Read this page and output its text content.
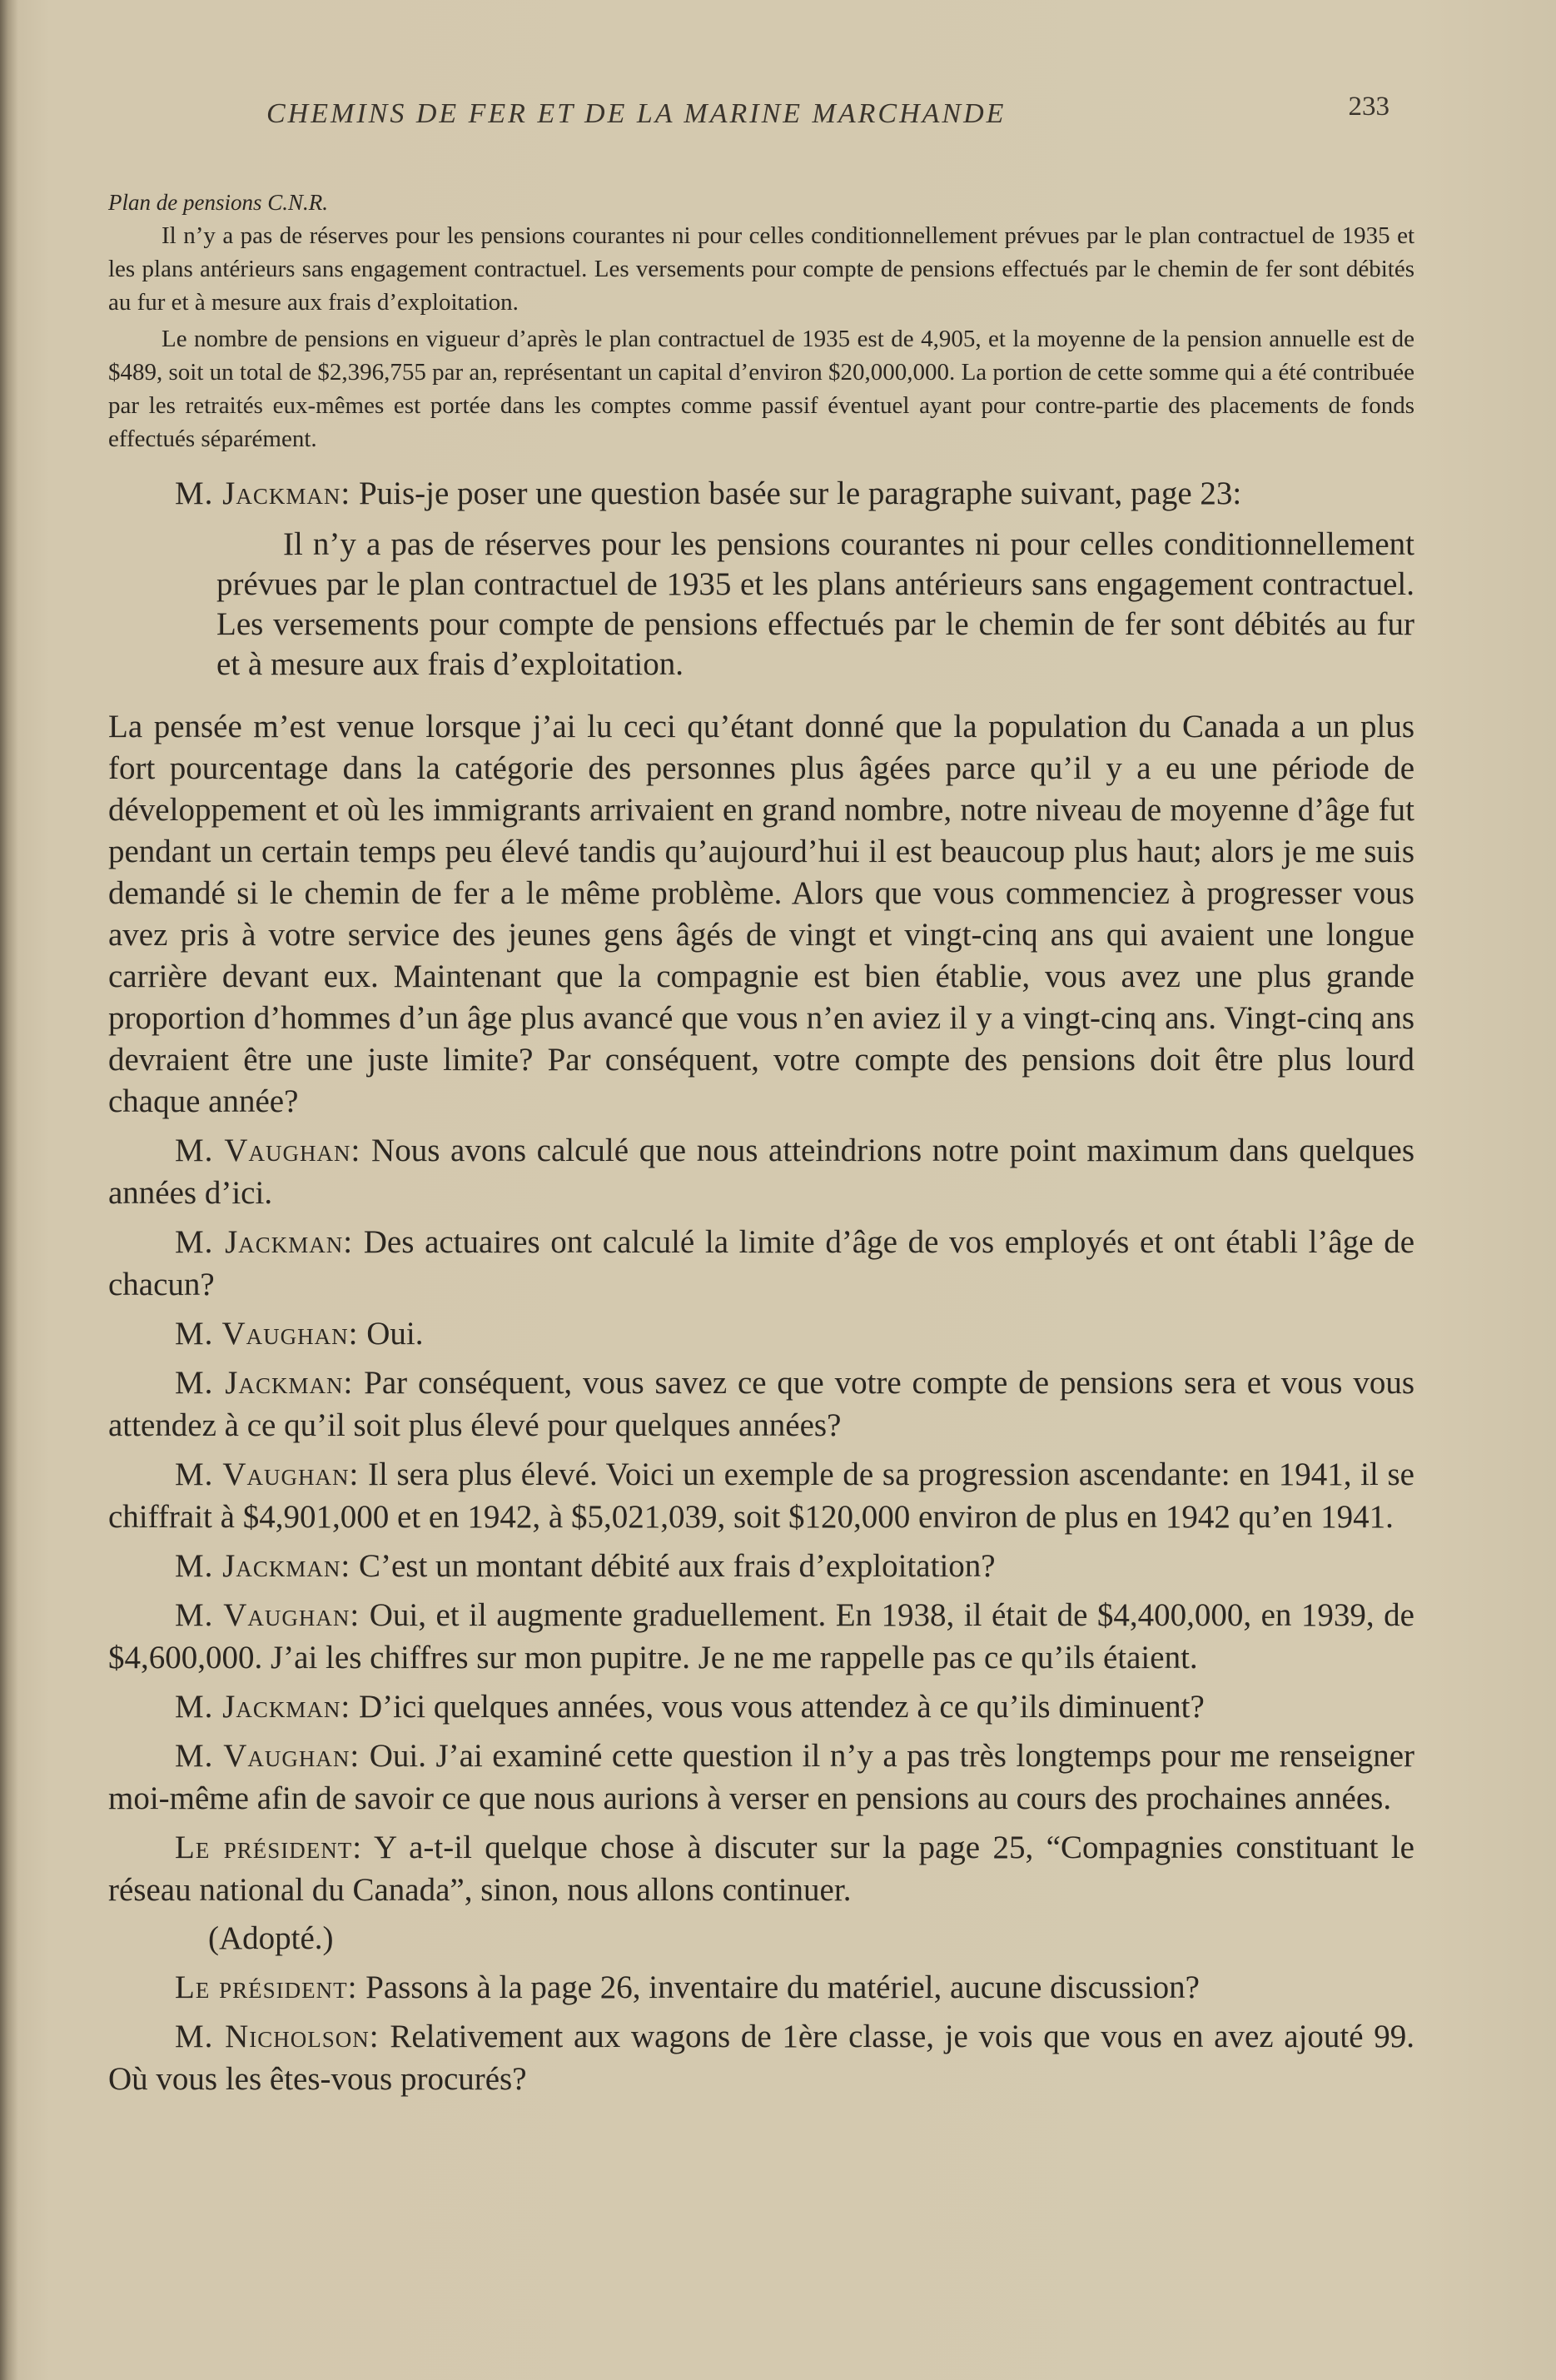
CHEMINS DE FER ET DE LA MARINE MARCHANDE	233
Plan de pensions C.N.R.

Il n’y a pas de réserves pour les pensions courantes ni pour celles conditionnellement prévues par le plan contractuel de 1935 et les plans antérieurs sans engagement contractuel. Les versements pour compte de pensions effectués par le chemin de fer sont débités au fur et à mesure aux frais d’exploitation.

Le nombre de pensions en vigueur d’après le plan contractuel de 1935 est de 4,905, et la moyenne de la pension annuelle est de $489, soit un total de $2,396,755 par an, représentant un capital d’environ $20,000,000. La portion de cette somme qui a été contribuée par les retraités eux-mêmes est portée dans les comptes comme passif éventuel ayant pour contre-partie des placements de fonds effectués séparément.

M. Jackman: Puis-je poser une question basée sur le paragraphe suivant, page 23:

Il n’y a pas de réserves pour les pensions courantes ni pour celles conditionnellement prévues par le plan contractuel de 1935 et les plans antérieurs sans engagement contractuel. Les versements pour compte de pensions effectués par le chemin de fer sont débités au fur et à mesure aux frais d’exploitation.

La pensée m’est venue lorsque j’ai lu ceci qu’étant donné que la population du Canada a un plus fort pourcentage dans la catégorie des personnes plus âgées parce qu’il y a eu une période de développement et où les immigrants arrivaient en grand nombre, notre niveau de moyenne d’âge fut pendant un certain temps peu élevé tandis qu’aujourd’hui il est beaucoup plus haut; alors je me suis demandé si le chemin de fer a le même problème. Alors que vous commenciez à progresser vous avez pris à votre service des jeunes gens âgés de vingt et vingt-cinq ans qui avaient une longue carrière devant eux. Maintenant que la compagnie est bien établie, vous avez une plus grande proportion d’hommes d’un âge plus avancé que vous n’en aviez il y a vingt-cinq ans. Vingt-cinq ans devraient être une juste limite? Par conséquent, votre compte des pensions doit être plus lourd chaque année?

M. Vaughan: Nous avons calculé que nous atteindrions notre point maximum dans quelques années d’ici.

M. Jackman: Des actuaires ont calculé la limite d’âge de vos employés et ont établi l’âge de chacun?

M. Vaughan: Oui.

M. Jackman: Par conséquent, vous savez ce que votre compte de pensions sera et vous vous attendez à ce qu’il soit plus élevé pour quelques années?

M. Vaughan: Il sera plus élevé. Voici un exemple de sa progression ascendante: en 1941, il se chiffrait à $4,901,000 et en 1942, à $5,021,039, soit $120,000 environ de plus en 1942 qu’en 1941.

M. Jackman: C’est un montant débité aux frais d’exploitation?

M. Vaughan: Oui, et il augmente graduellement. En 1938, il était de $4,400,000, en 1939, de $4,600,000. J’ai les chiffres sur mon pupitre. Je ne me rappelle pas ce qu’ils étaient.

M. Jackman: D’ici quelques années, vous vous attendez à ce qu’ils diminuent?

M. Vaughan: Oui. J’ai examiné cette question il n’y a pas très longtemps pour me renseigner moi-même afin de savoir ce que nous aurions à verser en pensions au cours des prochaines années.

Le président: Y a-t-il quelque chose à discuter sur la page 25, “Compagnies constituant le réseau national du Canada”, sinon, nous allons continuer.

(Adopté.)

Le président: Passons à la page 26, inventaire du matériel, aucune discussion?

M. Nicholson: Relativement aux wagons de 1ère classe, je vois que vous en avez ajouté 99. Où vous les êtes-vous procurés?
